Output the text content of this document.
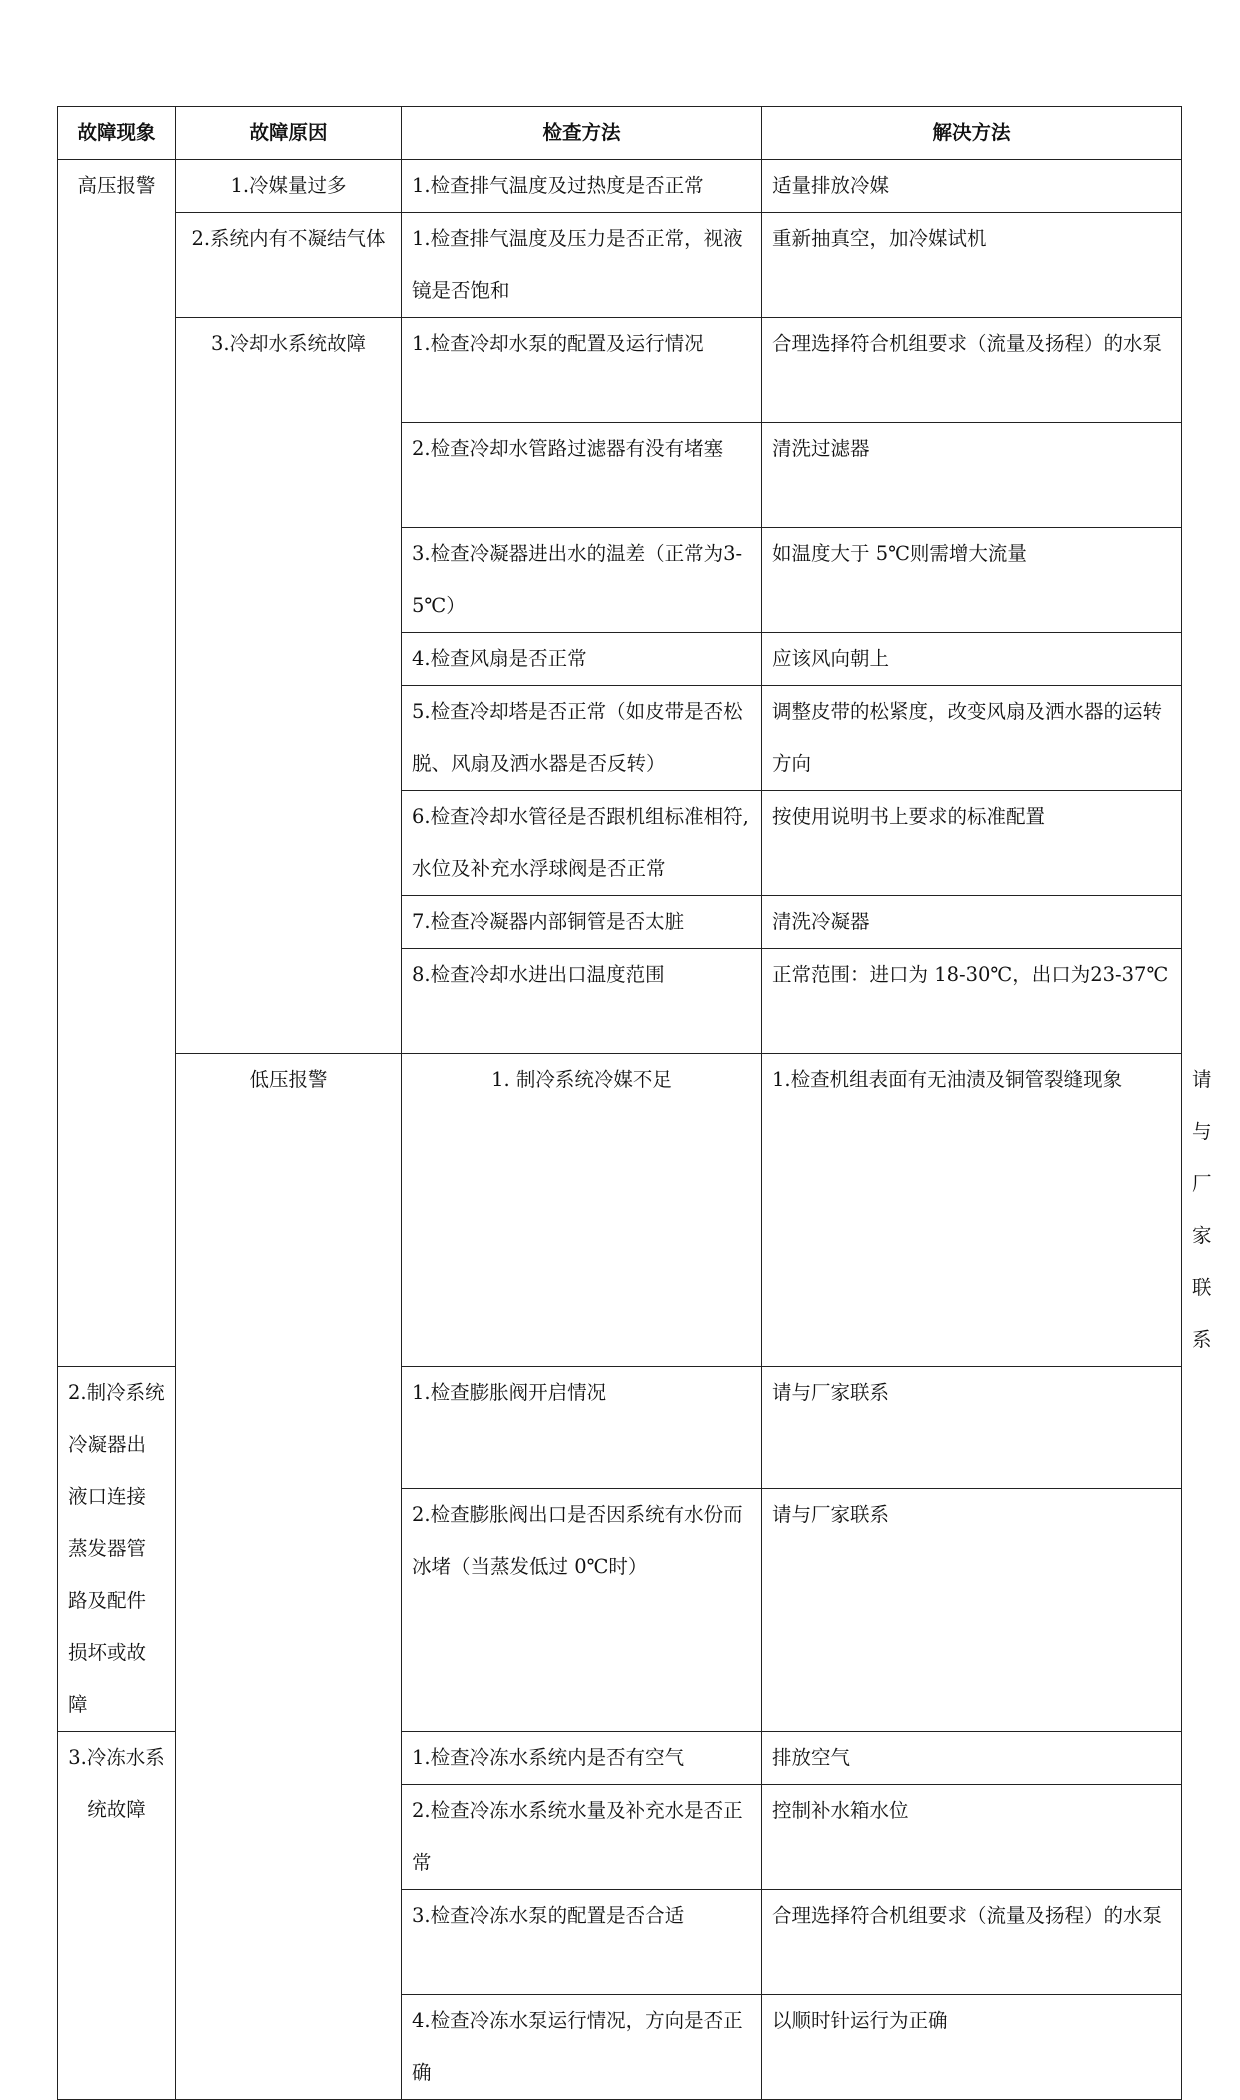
故障现象	故障原因	检查方法	解决方法	
高压报警	1.冷媒量过多	1.检查排气温度及过热度是否正常	适量排放冷媒	
	2.系统内有不凝结气体	1.检查排气温度及压力是否正常，视液镜是否饱和	重新抽真空，加冷媒试机	
	3.冷却水系统故障	1.检查冷却水泵的配置及运行情况	合理选择符合机组要求（流量及扬程）的水泵	
		2.检查冷却水管路过滤器有没有堵塞	清洗过滤器	
		3.检查冷凝器进出水的温差（正常为3-5℃）	如温度大于 5℃则需增大流量	
		4.检查风扇是否正常	应该风向朝上	
		5.检查冷却塔是否正常（如皮带是否松脱、风扇及洒水器是否反转）	调整皮带的松紧度，改变风扇及洒水器的运转方向	
		6.检查冷却水管径是否跟机组标准相符,水位及补充水浮球阀是否正常	按使用说明书上要求的标准配置	
		7.检查冷凝器内部铜管是否太脏	清洗冷凝器	
		8.检查冷却水进出口温度范围	正常范围：进口为 18-30℃，出口为23-37℃	
	低压报警	1. 制冷系统冷媒不足	1.检查机组表面有无油渍及铜管裂缝现象	请与厂家联系
2.制冷系统冷凝器出液口连接蒸发器管路及配件损坏或故障		1.检查膨胀阀开启情况	请与厂家联系	
		2.检查膨胀阀出口是否因系统有水份而冰堵（当蒸发低过 0℃时）	请与厂家联系	
3.冷冻水系统故障		1.检查冷冻水系统内是否有空气	排放空气	
		2.检查冷冻水系统水量及补充水是否正常	控制补水箱水位	
		3.检查冷冻水泵的配置是否合适	合理选择符合机组要求（流量及扬程）的水泵	
		4.检查冷冻水泵运行情况，方向是否正确	以顺时针运行为正确	
